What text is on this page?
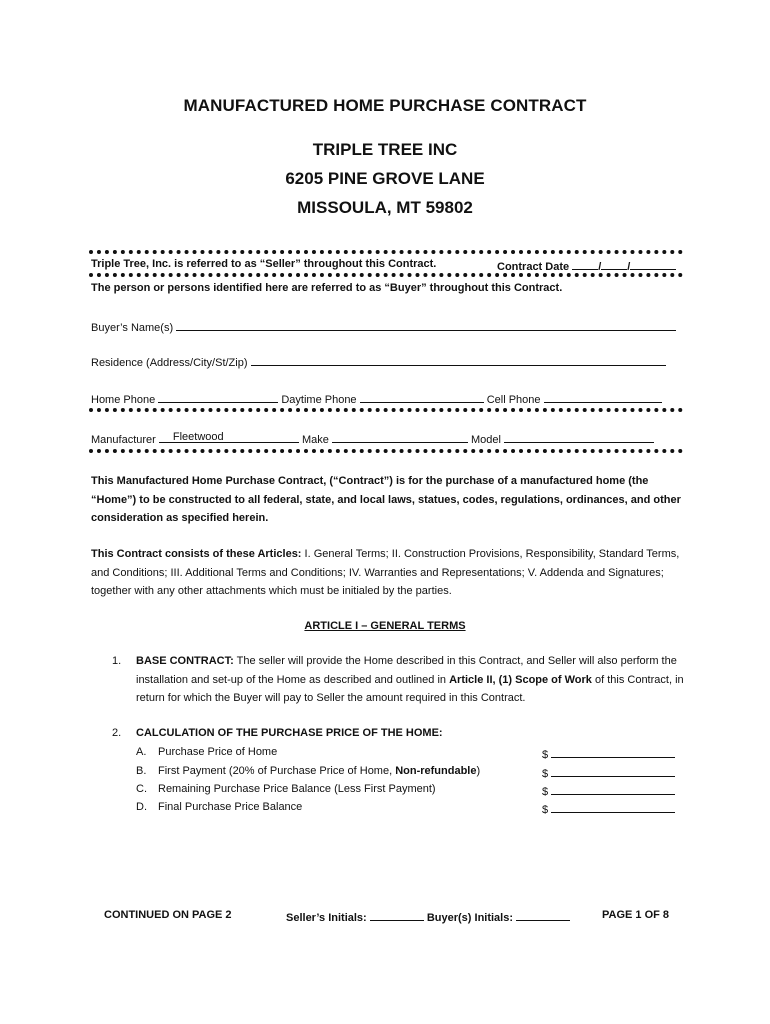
MANUFACTURED HOME PURCHASE CONTRACT
TRIPLE TREE INC
6205 PINE GROVE LANE
MISSOULA, MT 59802
Triple Tree, Inc. is referred to as “Seller” throughout this Contract.	Contract Date	/ /
The person or persons identified here are referred to as “Buyer” throughout this Contract.
Buyer’s Name(s)
Residence (Address/City/St/Zip)
Home Phone	Daytime Phone	Cell Phone
Manufacturer Fleetwood	Make	Model
This Manufactured Home Purchase Contract, (“Contract”) is for the purchase of a manufactured home (the “Home”) to be constructed to all federal, state, and local laws, statues, codes, regulations, ordinances, and other consideration as specified herein.
This Contract consists of these Articles: I. General Terms; II. Construction Provisions, Responsibility, Standard Terms, and Conditions; III. Additional Terms and Conditions; IV. Warranties and Representations; V. Addenda and Signatures; together with any other attachments which must be initialed by the parties.
ARTICLE I – GENERAL TERMS
1. BASE CONTRACT: The seller will provide the Home described in this Contract, and Seller will also perform the installation and set-up of the Home as described and outlined in Article II, (1) Scope of Work of this Contract, in return for which the Buyer will pay to Seller the amount required in this Contract.
2. CALCULATION OF THE PURCHASE PRICE OF THE HOME:
A. Purchase Price of Home	$
B. First Payment (20% of Purchase Price of Home, Non-refundable)	$
C. Remaining Purchase Price Balance (Less First Payment)	$
D. Final Purchase Price Balance	$
CONTINUED ON PAGE 2	Seller’s Initials:	Buyer(s) Initials:	PAGE 1 OF 8
